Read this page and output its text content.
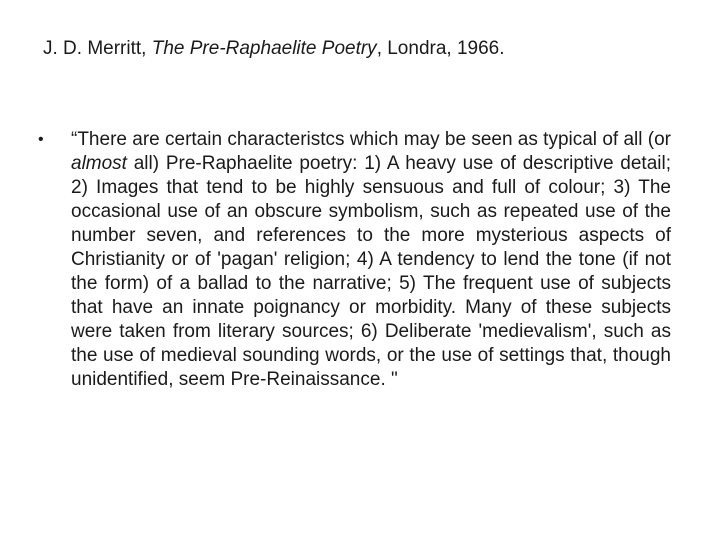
J. D. Merritt, The Pre-Raphaelite Poetry, Londra, 1966.
• “There are certain characteristcs which may be seen as typical of all (or almost all) Pre-Raphaelite poetry: 1) A heavy use of descriptive detail; 2) Images that tend to be highly sensuous and full of colour; 3) The occasional use of an obscure symbolism, such as repeated use of the number seven, and references to the more mysterious aspects of Christianity or of 'pagan' religion; 4) A tendency to lend the tone (if not the form) of a ballad to the narrative; 5) The frequent use of subjects that have an innate poignancy or morbidity. Many of these subjects were taken from literary sources; 6) Deliberate 'medievalism', such as the use of medieval sounding words, or the use of settings that, though unidentified, seem Pre-Reinaissance. "
